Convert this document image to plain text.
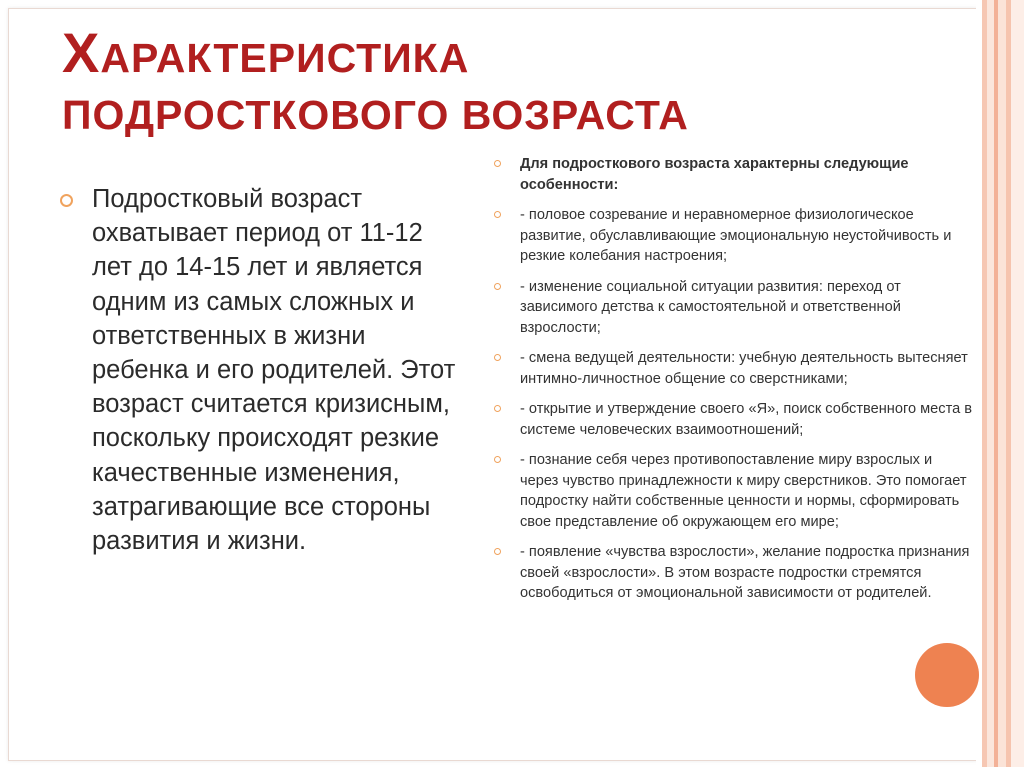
ХАРАКТЕРИСТИКА
ПОДРОСТКОВОГО ВОЗРАСТА
Подростковый возраст охватывает период от 11-12 лет до 14-15 лет и является одним из самых сложных и ответственных в жизни ребенка и его родителей. Этот возраст считается кризисным, поскольку происходят резкие качественные изменения, затрагивающие все стороны развития и жизни.
Для подросткового возраста характерны следующие особенности:
- половое созревание и неравномерное физиологическое развитие, обуславливающие эмоциональную неустойчивость и резкие колебания настроения;
- изменение социальной ситуации развития: переход от зависимого детства к самостоятельной и ответственной взрослости;
- смена ведущей деятельности: учебную деятельность вытесняет интимно-личностное общение со сверстниками;
- открытие и утверждение своего «Я», поиск собственного места в системе человеческих взаимоотношений;
- познание себя через противопоставление миру взрослых и через чувство принадлежности к миру сверстников. Это помогает подростку найти собственные ценности и нормы, сформировать свое представление об окружающем его мире;
- появление «чувства взрослости», желание подростка признания своей «взрослости». В этом возрасте подростки стремятся освободиться от эмоциональной зависимости от родителей.
